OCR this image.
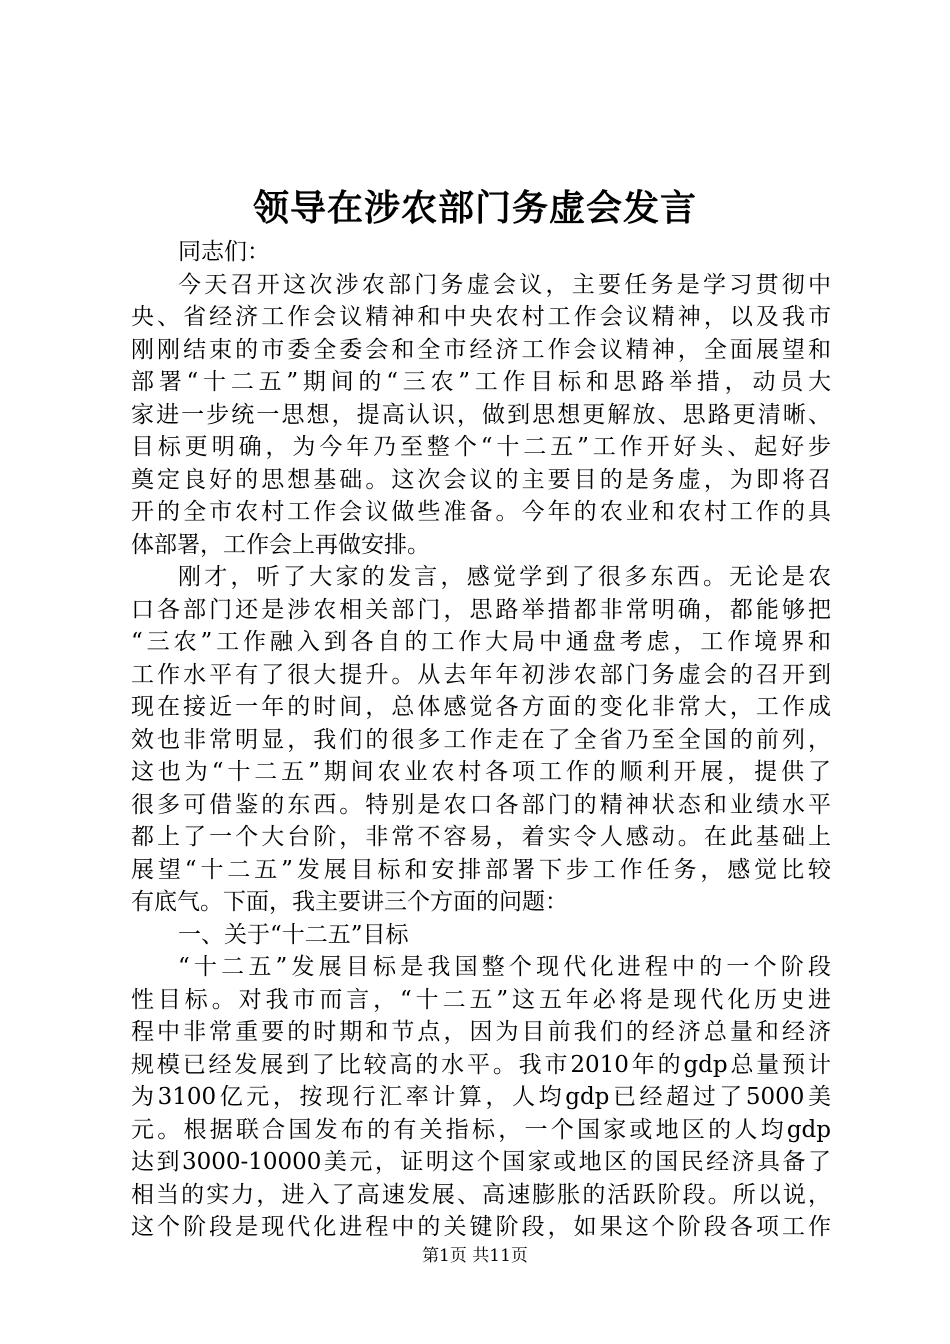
领导在涉农部门务虚会发言
同志们：
今天召开这次涉农部门务虚会议，主要任务是学习贯彻中
央、省经济工作会议精神和中央农村工作会议精神，以及我市
刚刚结束的市委全委会和全市经济工作会议精神，全面展望和
部署“十二五”期间的“三农”工作目标和思路举措，动员大
家进一步统一思想，提高认识，做到思想更解放、思路更清晰、
目标更明确，为今年乃至整个“十二五”工作开好头、起好步
奠定良好的思想基础。这次会议的主要目的是务虚，为即将召
开的全市农村工作会议做些准备。今年的农业和农村工作的具
体部署，工作会上再做安排。
刚才，听了大家的发言，感觉学到了很多东西。无论是农
口各部门还是涉农相关部门，思路举措都非常明确，都能够把
“三农”工作融入到各自的工作大局中通盘考虑，工作境界和
工作水平有了很大提升。从去年年初涉农部门务虚会的召开到
现在接近一年的时间，总体感觉各方面的变化非常大，工作成
效也非常明显，我们的很多工作走在了全省乃至全国的前列，
这也为“十二五”期间农业农村各项工作的顺利开展，提供了
很多可借鉴的东西。特别是农口各部门的精神状态和业绩水平
都上了一个大台阶，非常不容易，着实令人感动。在此基础上
展望“十二五”发展目标和安排部署下步工作任务，感觉比较
有底气。下面，我主要讲三个方面的问题：
一、关于“十二五”目标
“十二五”发展目标是我国整个现代化进程中的一个阶段
性目标。对我市而言，“十二五”这五年必将是现代化历史进
程中非常重要的时期和节点，因为目前我们的经济总量和经济
规模已经发展到了比较高的水平。我市2010年的gdp总量预计
为3100亿元，按现行汇率计算，人均gdp已经超过了5000美
元。根据联合国发布的有关指标，一个国家或地区的人均gdp
达到3000-10000美元，证明这个国家或地区的国民经济具备了
相当的实力，进入了高速发展、高速膨胀的活跃阶段。所以说，
这个阶段是现代化进程中的关键阶段，如果这个阶段各项工作
第1页 共11页
